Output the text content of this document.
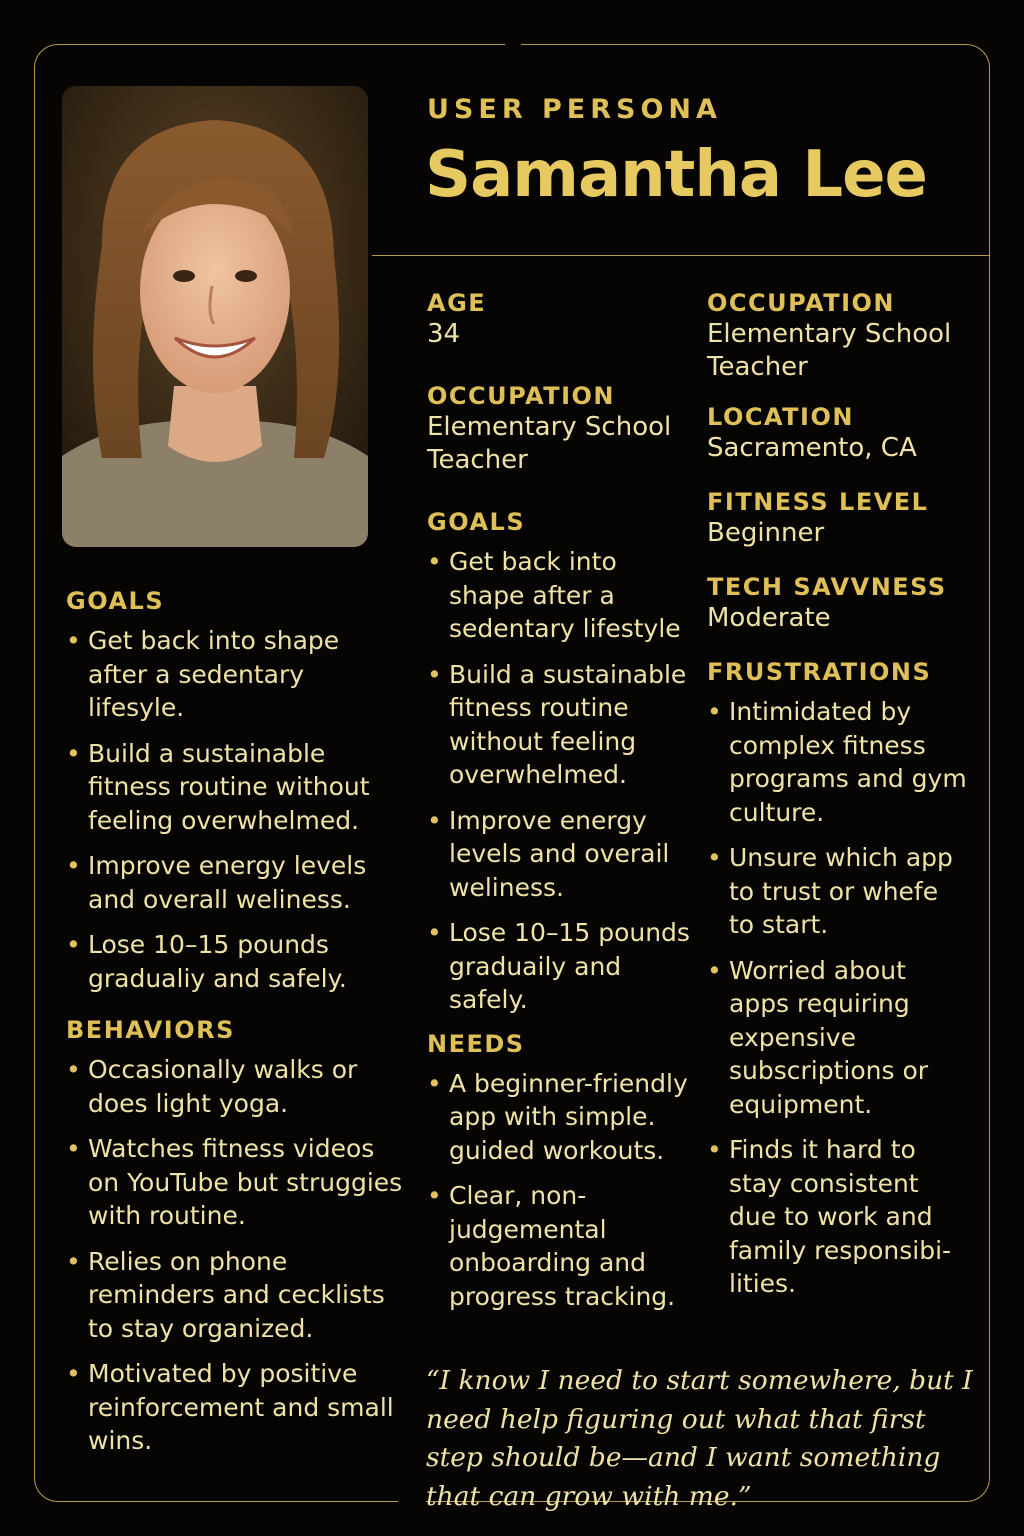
USER PERSONA
Samantha Lee
GOALS
• Get back into shape after a sedentary lifesyle.
• Build a sustainable fitness routine without feeling overwhelmed.
• Improve energy levels and overall weliness.
• Lose 10–15 pounds gradualiy and safely.
BEHAVIORS
• Occasionally walks or does light yoga.
• Watches fitness videos on YouTube but struggies with routine.
• Relies on phone reminders and cecklists to stay organized.
• Motivated by positive reinforcement and small wins.
AGE
34
OCCUPATION
Elementary School Teacher
GOALS
• Get back into shape after a sedentary lifestyle
• Build a sustainable fitness routine without feeling overwhelmed.
• Improve energy levels and overail weliness.
• Lose 10–15 pounds graduaily and safely.
NEEDS
• A beginner-friendly app with simple. guided workouts.
• Clear, non- judgemental onboarding and progress tracking.
OCCUPATION
Elementary School Teacher
LOCATION
Sacramento, CA
FITNESS LEVEL
Beginner
TECH SAVVNESS
Moderate
FRUSTRATIONS
• Intimidated by complex fitness programs and gym culture.
• Unsure which app to trust or whefe to start.
• Worried about apps requiring expensive subscriptions or equipment.
• Finds it hard to stay consistent due to work and family responsibi- lities.
“I know I need to start somewhere, but I need help figuring out what that first step should be—and I want something that can grow with me.”
